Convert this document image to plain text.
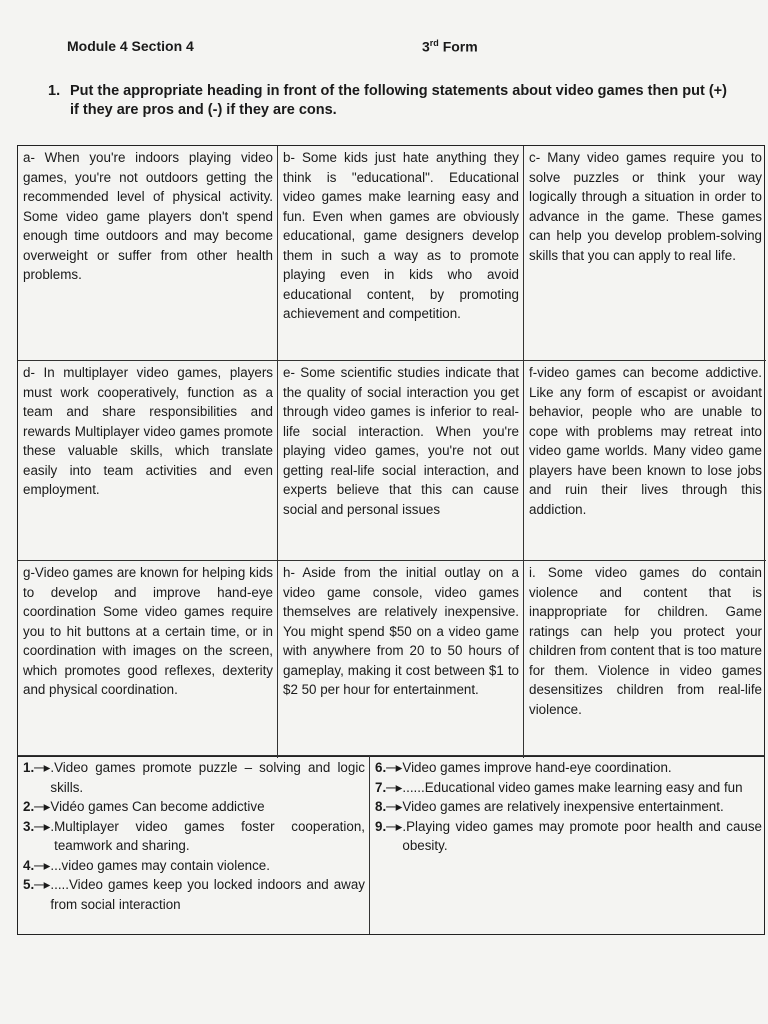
Module 4 Section 4	3rd Form
1. Put the appropriate heading in front of the following statements about video games then put (+) if they are pros and (-) if they are cons.
a- When you're indoors playing video games, you're not outdoors getting the recommended level of physical activity. Some video game players don't spend enough time outdoors and may become overweight or suffer from other health problems.
b- Some kids just hate anything they think is "educational". Educational video games make learning easy and fun. Even when games are obviously educational, game designers develop them in such a way as to promote playing even in kids who avoid educational content, by promoting achievement and competition.
c- Many video games require you to solve puzzles or think your way logically through a situation in order to advance in the game. These games can help you develop problem-solving skills that you can apply to real life.
d- In multiplayer video games, players must work cooperatively, function as a team and share responsibilities and rewards Multiplayer video games promote these valuable skills, which translate easily into team activities and even employment.
e- Some scientific studies indicate that the quality of social interaction you get through video games is inferior to real-life social interaction. When you're playing video games, you're not out getting real-life social interaction, and experts believe that this can cause social and personal issues
f-video games can become addictive. Like any form of escapist or avoidant behavior, people who are unable to cope with problems may retreat into video game worlds. Many video game players have been known to lose jobs and ruin their lives through this addiction.
g-Video games are known for helping kids to develop and improve hand-eye coordination Some video games require you to hit buttons at a certain time, or in coordination with images on the screen, which promotes good reflexes, dexterity and physical coordination.
h- Aside from the initial outlay on a video game console, video games themselves are relatively inexpensive. You might spend $50 on a video game with anywhere from 20 to 50 hours of gameplay, making it cost between $1 to $2 50 per hour for entertainment.
i. Some video games do contain violence and content that is inappropriate for children. Game ratings can help you protect your children from content that is too mature for them. Violence in video games desensitizes children from real-life violence.
1. ─▸ .Video games promote puzzle – solving and logic skills.
2. ─▸ Vidéo games Can become addictive
3. ─▸. Multiplayer video games foster cooperation, teamwork and sharing.
4. ─▸ ...video games may contain violence.
5. ─▸ .....Video games keep you locked indoors and away from social interaction
6. ─▸ Video games improve hand-eye coordination.
7. ─▸ ......Educational video games make learning easy and fun
8. ─▸ Video games are relatively inexpensive entertainment.
9. ─▸ .Playing video games may promote poor health and cause obesity.
